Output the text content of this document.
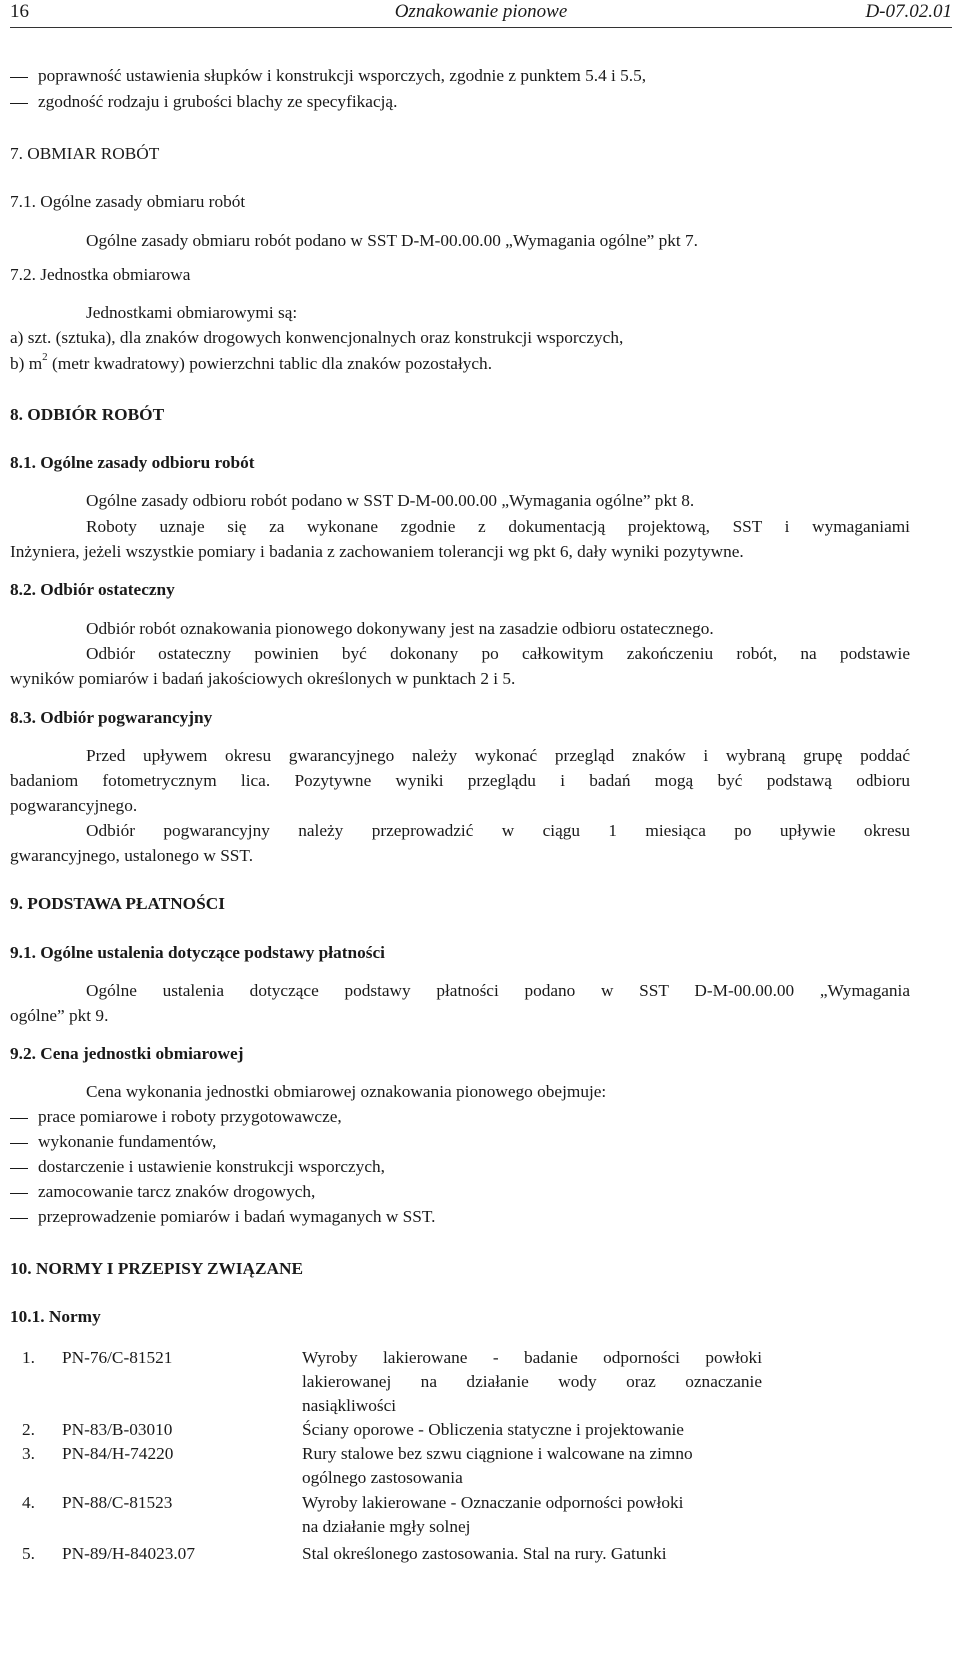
16	Oznakowanie pionowe	D-07.02.01
poprawność ustawienia słupków i konstrukcji wsporczych, zgodnie z punktem 5.4 i 5.5,
zgodność rodzaju i grubości blachy ze specyfikacją.
7. OBMIAR ROBÓT
7.1. Ogólne zasady obmiaru robót
Ogólne zasady obmiaru robót podano w SST D-M-00.00.00 „Wymagania ogólne” pkt 7.
7.2. Jednostka obmiarowa
Jednostkami obmiarowymi są:
a) szt. (sztuka), dla znaków drogowych konwencjonalnych oraz konstrukcji wsporczych,
b) $m^2$ (metr kwadratowy) powierzchni tablic dla znaków pozostałych.
8. ODBIÓR ROBÓT
8.1. Ogólne zasady odbioru robót
Ogólne zasady odbioru robót podano w SST D-M-00.00.00 „Wymagania ogólne” pkt 8.
Roboty uznaje się za wykonane zgodnie z dokumentacją projektową, SST i wymaganiami
Inżyniera, jeżeli wszystkie pomiary i badania z zachowaniem tolerancji wg pkt 6, dały wyniki pozytywne.
8.2. Odbiór ostateczny
Odbiór robót oznakowania pionowego dokonywany jest na zasadzie odbioru ostatecznego.
Odbiór ostateczny powinien być dokonany po całkowitym zakończeniu robót, na podstawie
wyników pomiarów i badań jakościowych określonych w punktach 2 i 5.
8.3. Odbiór pogwarancyjny
Przed upływem okresu gwarancyjnego należy wykonać przegląd znaków i wybraną grupę poddać
badaniom fotometrycznym lica. Pozytywne wyniki przeglądu i badań mogą być podstawą odbioru
pogwarancyjnego.
Odbiór pogwarancyjny należy przeprowadzić w ciągu 1 miesiąca po upływie okresu
gwarancyjnego, ustalonego w SST.
9. PODSTAWA PŁATNOŚCI
9.1. Ogólne ustalenia dotyczące podstawy płatności
Ogólne ustalenia dotyczące podstawy płatności podano w SST D-M-00.00.00 „Wymagania
ogólne” pkt 9.
9.2. Cena jednostki obmiarowej
Cena wykonania jednostki obmiarowej oznakowania pionowego obejmuje:
prace pomiarowe i roboty przygotowawcze,
wykonanie fundamentów,
dostarczenie i ustawienie konstrukcji wsporczych,
zamocowanie tarcz znaków drogowych,
przeprowadzenie pomiarów i badań wymaganych w SST.
10. NORMY I PRZEPISY ZWIĄZANE
10.1. Normy
1. PN-76/C-81521	Wyroby lakierowane - badanie odporności powłoki
lakierowanej na działanie wody oraz oznaczanie
nasiąkliwości
2. PN-83/B-03010	Ściany oporowe - Obliczenia statyczne i projektowanie
3. PN-84/H-74220	Rury stalowe bez szwu ciągnione i walcowane na zimno
ogólnego zastosowania
4. PN-88/C-81523	Wyroby lakierowane - Oznaczanie odporności powłoki
na działanie mgły solnej
5. PN-89/H-84023.07	Stal określonego zastosowania. Stal na rury. Gatunki
